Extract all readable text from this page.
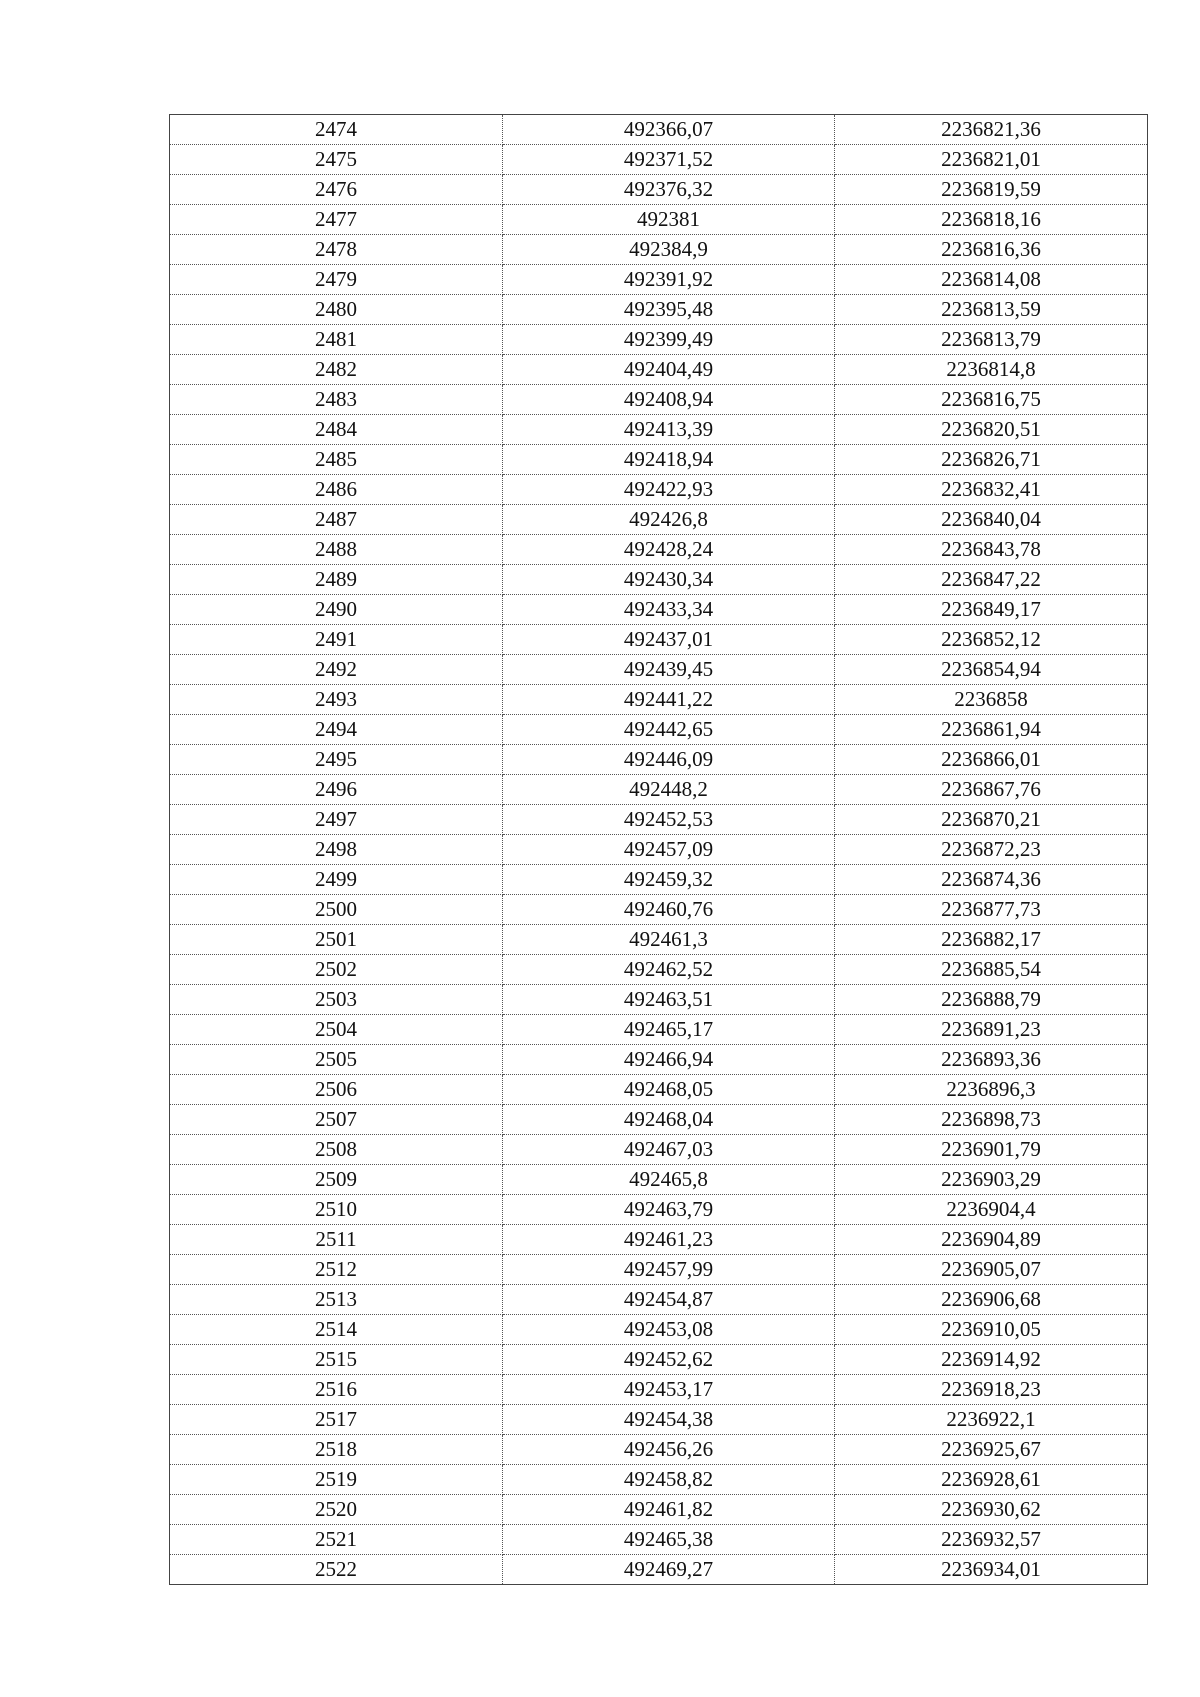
2474	492366,07	2236821,36
2475	492371,52	2236821,01
2476	492376,32	2236819,59
2477	492381	2236818,16
2478	492384,9	2236816,36
2479	492391,92	2236814,08
2480	492395,48	2236813,59
2481	492399,49	2236813,79
2482	492404,49	2236814,8
2483	492408,94	2236816,75
2484	492413,39	2236820,51
2485	492418,94	2236826,71
2486	492422,93	2236832,41
2487	492426,8	2236840,04
2488	492428,24	2236843,78
2489	492430,34	2236847,22
2490	492433,34	2236849,17
2491	492437,01	2236852,12
2492	492439,45	2236854,94
2493	492441,22	2236858
2494	492442,65	2236861,94
2495	492446,09	2236866,01
2496	492448,2	2236867,76
2497	492452,53	2236870,21
2498	492457,09	2236872,23
2499	492459,32	2236874,36
2500	492460,76	2236877,73
2501	492461,3	2236882,17
2502	492462,52	2236885,54
2503	492463,51	2236888,79
2504	492465,17	2236891,23
2505	492466,94	2236893,36
2506	492468,05	2236896,3
2507	492468,04	2236898,73
2508	492467,03	2236901,79
2509	492465,8	2236903,29
2510	492463,79	2236904,4
2511	492461,23	2236904,89
2512	492457,99	2236905,07
2513	492454,87	2236906,68
2514	492453,08	2236910,05
2515	492452,62	2236914,92
2516	492453,17	2236918,23
2517	492454,38	2236922,1
2518	492456,26	2236925,67
2519	492458,82	2236928,61
2520	492461,82	2236930,62
2521	492465,38	2236932,57
2522	492469,27	2236934,01
